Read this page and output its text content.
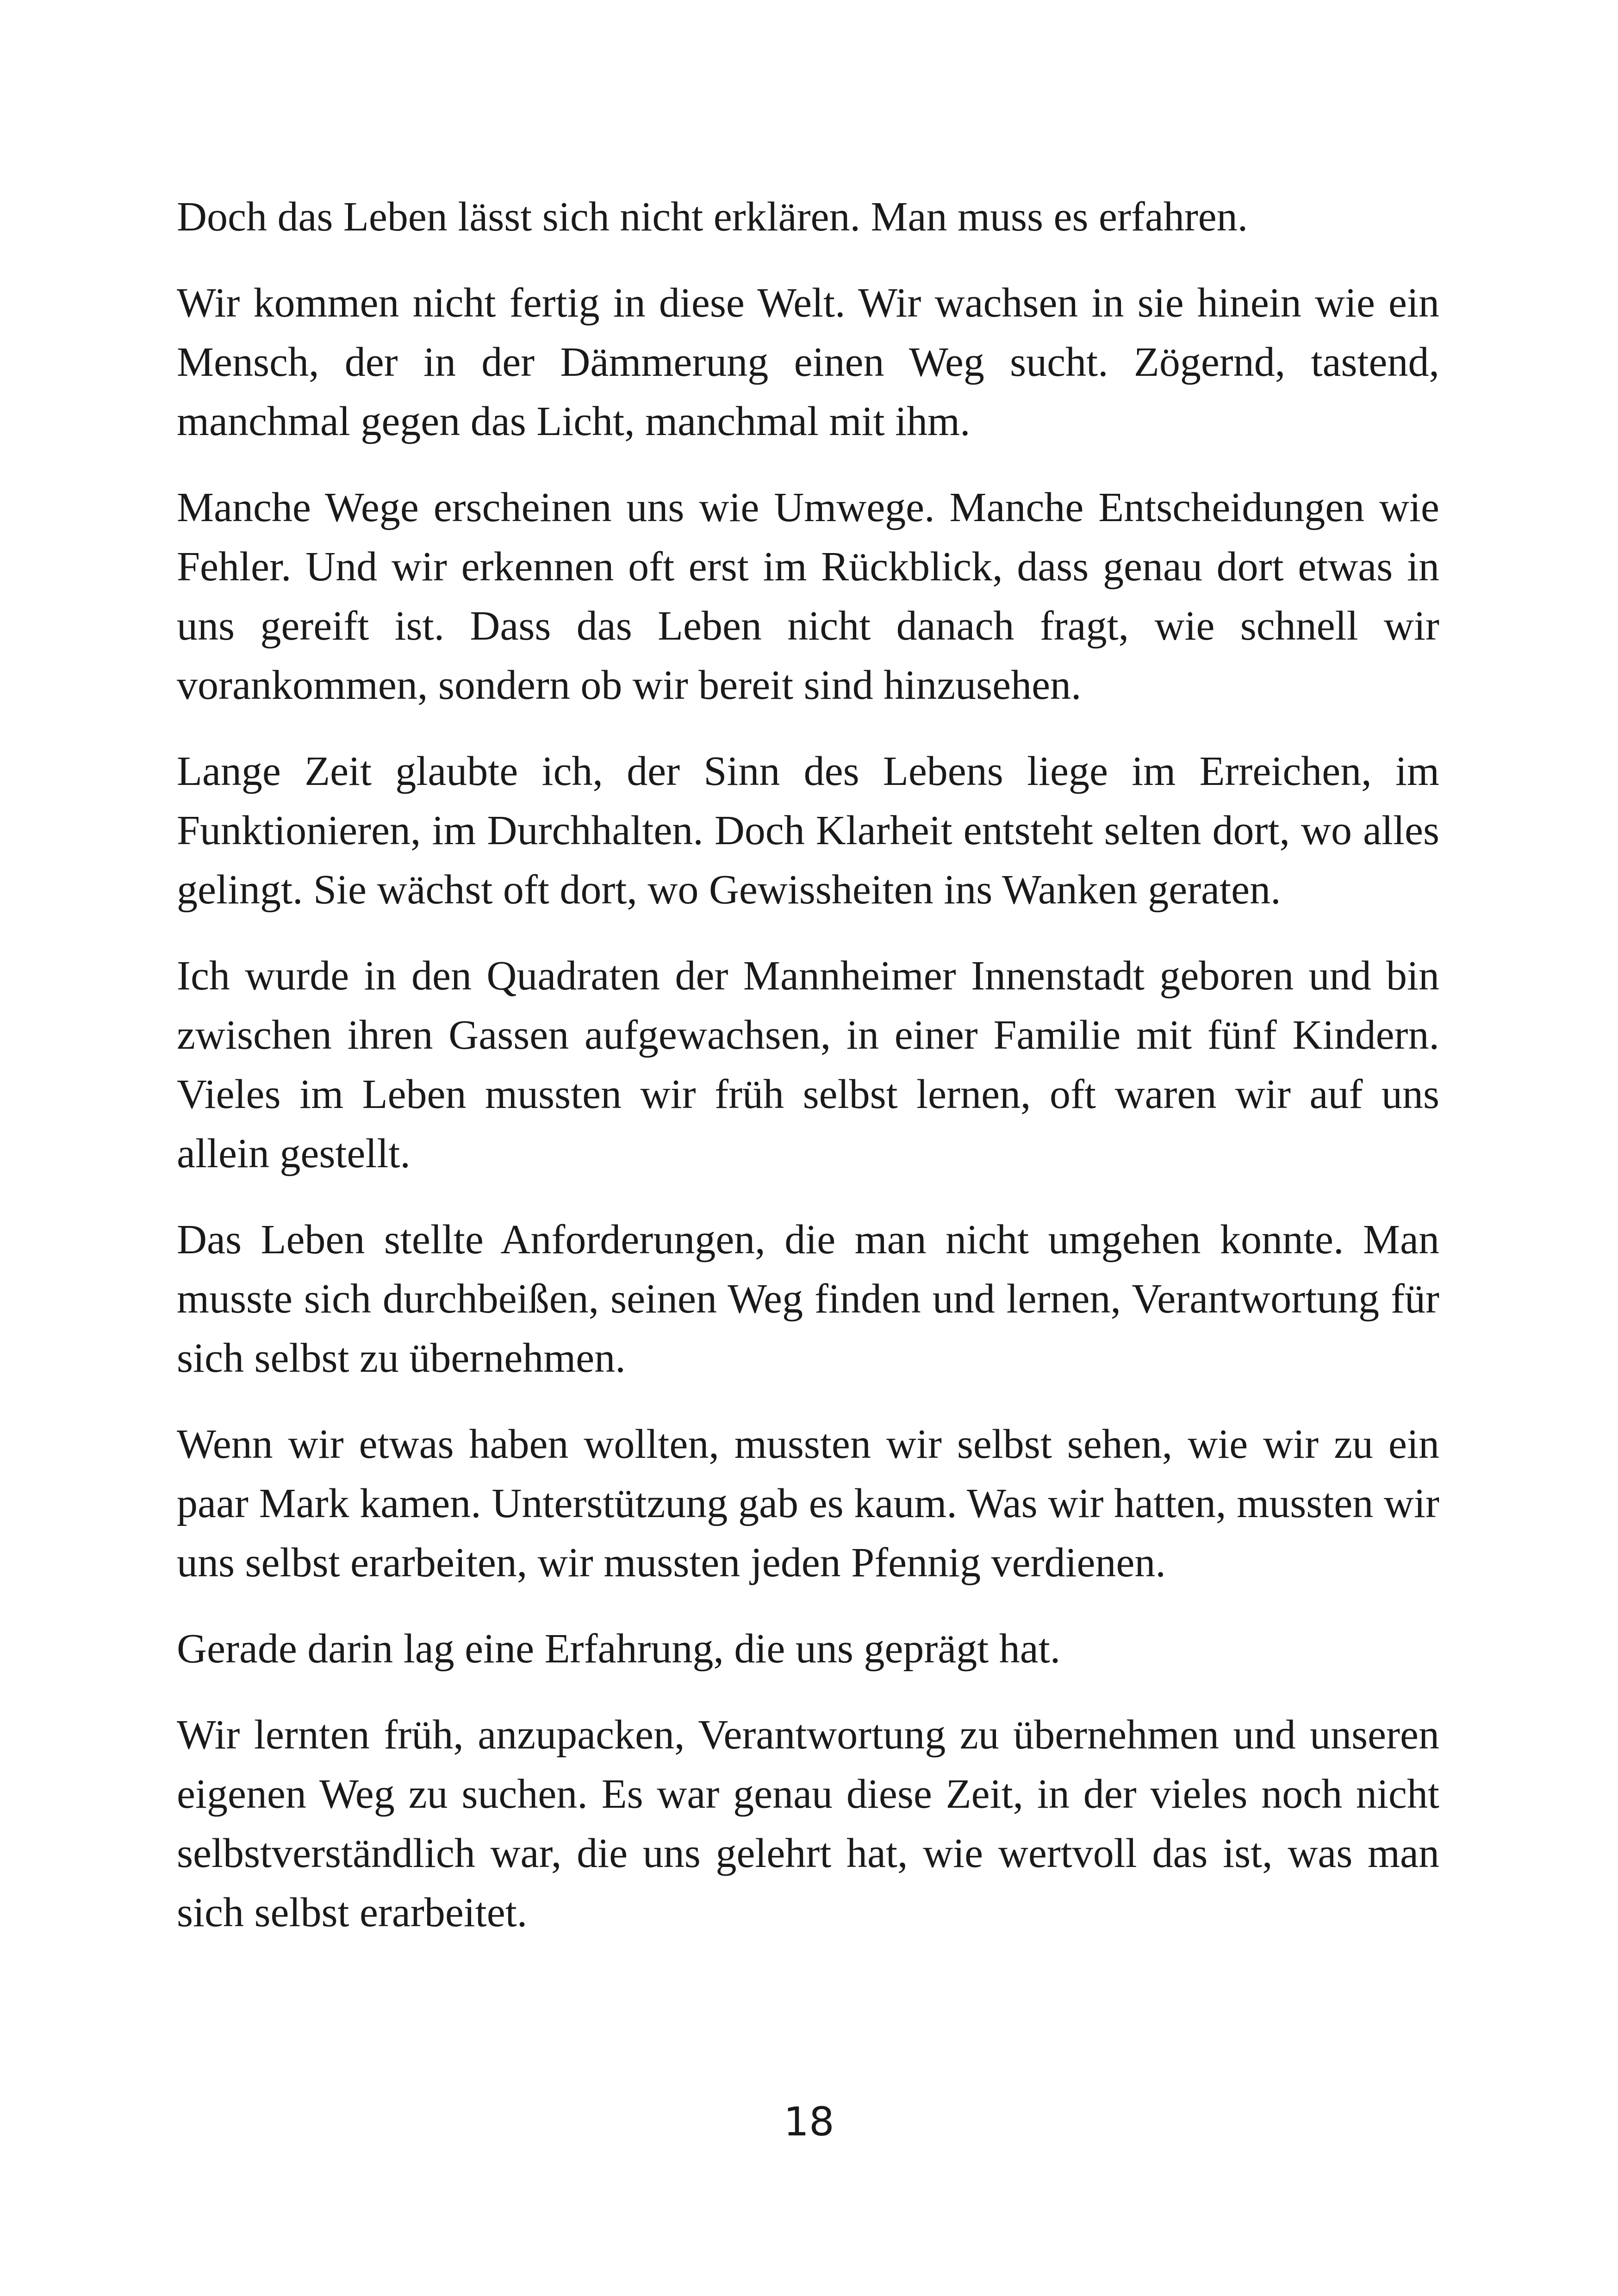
Doch das Leben lässt sich nicht erklären. Man muss es erfahren.

Wir kommen nicht fertig in diese Welt. Wir wachsen in sie hinein wie ein Mensch, der in der Dämmerung einen Weg sucht. Zögernd, tastend, manchmal gegen das Licht, manchmal mit ihm.

Manche Wege erscheinen uns wie Umwege. Manche Entscheidungen wie Fehler. Und wir erkennen oft erst im Rückblick, dass genau dort etwas in uns gereift ist. Dass das Leben nicht danach fragt, wie schnell wir vorankommen, sondern ob wir bereit sind hinzusehen.

Lange Zeit glaubte ich, der Sinn des Lebens liege im Erreichen, im Funktionieren, im Durchhalten. Doch Klarheit entsteht selten dort, wo alles gelingt. Sie wächst oft dort, wo Gewissheiten ins Wanken geraten.

Ich wurde in den Quadraten der Mannheimer Innenstadt geboren und bin zwischen ihren Gassen aufgewachsen, in einer Familie mit fünf Kindern. Vieles im Leben mussten wir früh selbst lernen, oft waren wir auf uns allein gestellt.

Das Leben stellte Anforderungen, die man nicht umgehen konnte. Man musste sich durchbeißen, seinen Weg finden und lernen, Verantwortung für sich selbst zu übernehmen.

Wenn wir etwas haben wollten, mussten wir selbst sehen, wie wir zu ein paar Mark kamen. Unterstützung gab es kaum. Was wir hatten, mussten wir uns selbst erarbeiten, wir mussten jeden Pfennig verdienen.

Gerade darin lag eine Erfahrung, die uns geprägt hat.

Wir lernten früh, anzupacken, Verantwortung zu übernehmen und unseren eigenen Weg zu suchen. Es war genau diese Zeit, in der vieles noch nicht selbstverständlich war, die uns gelehrt hat, wie wertvoll das ist, was man sich selbst erarbeitet.

18
